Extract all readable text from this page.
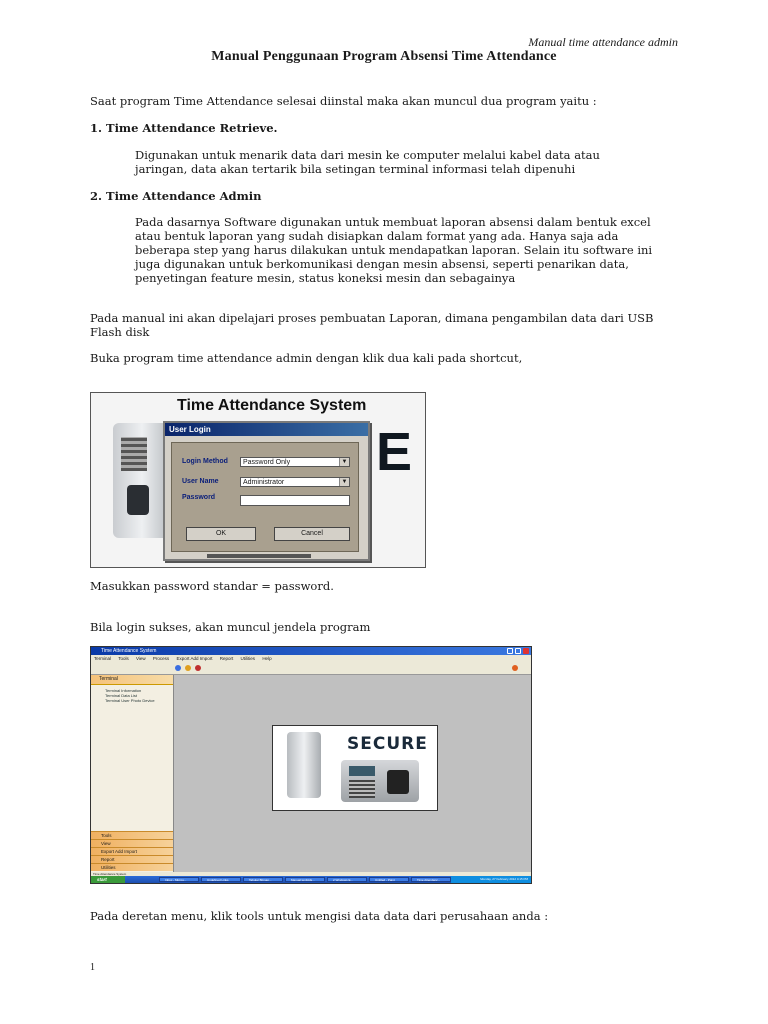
Manual time attendance admin
Manual Penggunaan Program Absensi Time Attendance
Saat program Time Attendance selesai diinstal maka akan muncul dua program yaitu :
1. Time Attendance Retrieve.
Digunakan untuk menarik data dari mesin ke computer melalui kabel data atau
jaringan, data akan tertarik bila setingan terminal informasi telah dipenuhi
2. Time Attendance Admin
Pada dasarnya Software digunakan untuk membuat laporan absensi dalam bentuk excel
atau bentuk laporan yang sudah disiapkan dalam format yang ada. Hanya saja ada
beberapa step yang harus dilakukan untuk mendapatkan laporan. Selain itu software ini
juga digunakan untuk berkomunikasi dengan mesin absensi, seperti penarikan data,
penyetingan feature mesin, status koneksi mesin dan sebagainya
Pada manual ini akan dipelajari proses pembuatan Laporan, dimana pengambilan data dari USB
Flash disk
Buka program time attendance admin dengan klik dua kali pada shortcut,
Time Attendance System
E
User Login
Login Method	Password Only	▼
User Name	Administrator	▼
Password
OK	Cancel
Masukkan password standar = password.
Bila login sukses, akan muncul jendela program
Time Attendance System
Terminal Tools View Process Export Add Import Report Utilities Help
Terminal
Terminal Information
Terminal Data List
Terminal User Photo Device
Tools
View
Export Add Import
Report
Utilities
SECURE
Time Attendance System
start	Inbox - Micros...	Undefined Links	Tabular Bitmap...	Manual tenfolds...	2 Windows E...	Untitled - Paint	Time Attendanc...	Monday, 27 February 2012 4:15 PM
Pada deretan menu, klik tools untuk mengisi data data dari perusahaan anda :
1
